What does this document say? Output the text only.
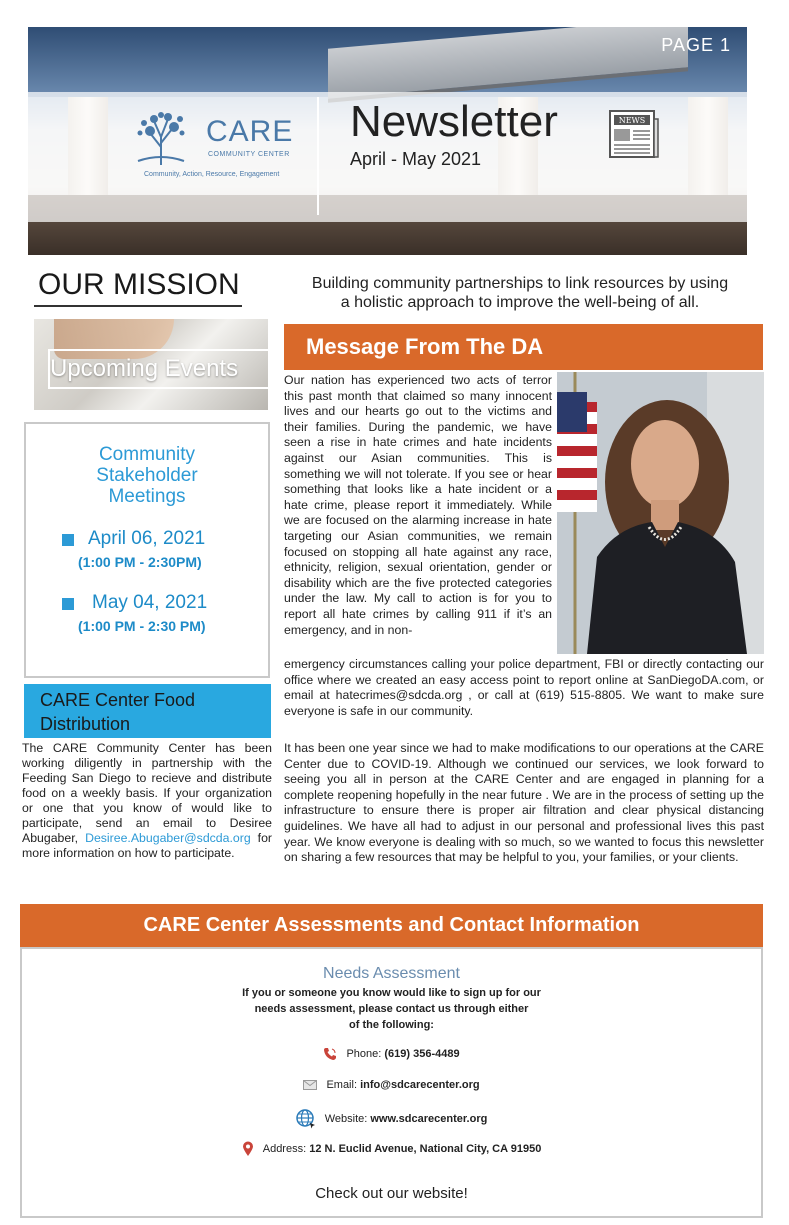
PAGE 1
CARE
COMMUNITY CENTER
Community, Action, Resource, Engagement
Newsletter
April - May 2021
NEWS
OUR MISSION	Building community partnerships to link resources by using
a holistic approach to improve the well-being of all.
Upcoming Events
Community
Stakeholder
Meetings
April 06, 2021
(1:00 PM - 2:30PM)
May 04, 2021
(1:00 PM - 2:30 PM)
CARE Center Food Distribution
The CARE Community Center has been working diligently in partnership with the Feeding San Diego to recieve and distribute food on a weekly basis. If your organization or one that you know of would like to participate, send an email to Desiree Abugaber, Desiree.Abugaber@sdcda.org for more information on how to participate.
Message From The DA
Our nation has experienced two acts of terror this past month that claimed so many innocent lives and our hearts go out to the victims and their families. During the pandemic, we have seen a rise in hate crimes and hate incidents against our Asian communities. This is something we will not tolerate. If you see or hear something that looks like a hate incident or a hate crime, please report it immediately. While we are focused on the alarming increase in hate targeting our Asian communities, we remain focused on stopping all hate against any race, ethnicity, religion, sexual orientation, gender or disability which are the five protected categories under the law. My call to action is for you to report all hate crimes by calling 911 if it’s an emergency, and in non-
emergency circumstances calling your police department, FBI or directly contacting our office where we created an easy access point to report online at SanDiegoDA.com, or email at hatecrimes@sdcda.org , or call at (619) 515-8805. We want to make sure everyone is safe in our community.
It has been one year since we had to make modifications to our operations at the CARE Center due to COVID-19. Although we continued our services, we look forward to seeing you all in person at the CARE Center and are engaged in planning for a complete reopening hopefully in the near future . We are in the process of setting up the infrastructure to ensure there is proper air filtration and clear physical distancing guidelines. We have all had to adjust in our personal and professional lives this past year. We know everyone is dealing with so much, so we wanted to focus this newsletter on sharing a few resources that may be helpful to you, your families, or your clients.
CARE Center Assessments and Contact Information
Needs Assessment
If you or someone you know would like to sign up for our
needs assessment, please contact us through either
of the following:
Phone: (619) 356-4489
Email: info@sdcarecenter.org
Website: www.sdcarecenter.org
Address: 12 N. Euclid Avenue, National City, CA 91950
Check out our website!
